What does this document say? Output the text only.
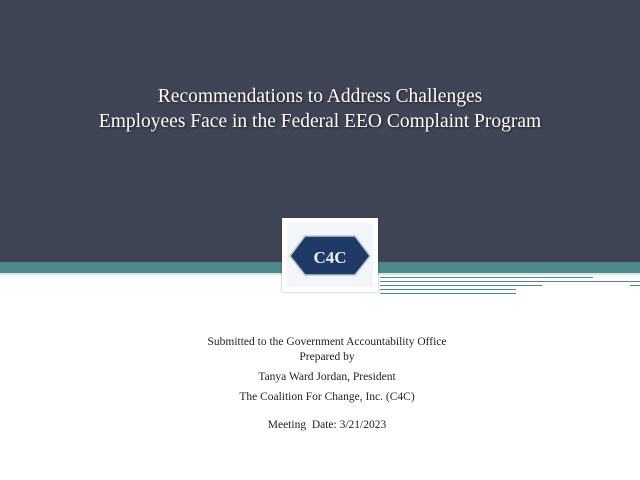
Recommendations to Address Challenges
Employees Face in the Federal EEO Complaint Program
C4C
Submitted to the Government Accountability Office
Prepared by
Tanya Ward Jordan, President
The Coalition For Change, Inc. (C4C)
Meeting  Date: 3/21/2023
